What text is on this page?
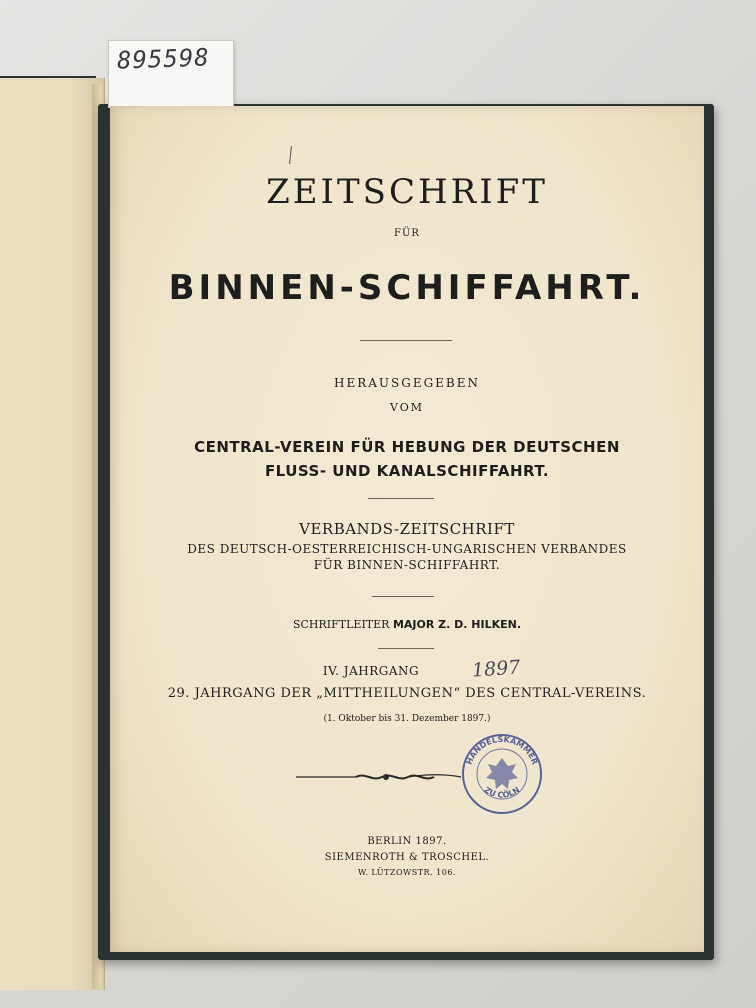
895598
ZEITSCHRIFT
FÜR
BINNEN-SCHIFFAHRT.
HERAUSGEGEBEN
VOM
CENTRAL-VEREIN FÜR HEBUNG DER DEUTSCHEN
FLUSS- UND KANALSCHIFFAHRT.
VERBANDS-ZEITSCHRIFT
DES DEUTSCH-OESTERREICHISCH-UNGARISCHEN VERBANDES
FÜR BINNEN-SCHIFFAHRT.
SCHRIFTLEITER MAJOR Z. D. HILKEN.
IV. JAHRGANG	1897
29. JAHRGANG DER „MITTHEILUNGEN“ DES CENTRAL-VEREINS.
(1. Oktober bis 31. Dezember 1897.)
HANDELSKAMMER
ZU CÖLN
BERLIN 1897.
SIEMENROTH & TROSCHEL.
W. LÜTZOWSTR. 106.
